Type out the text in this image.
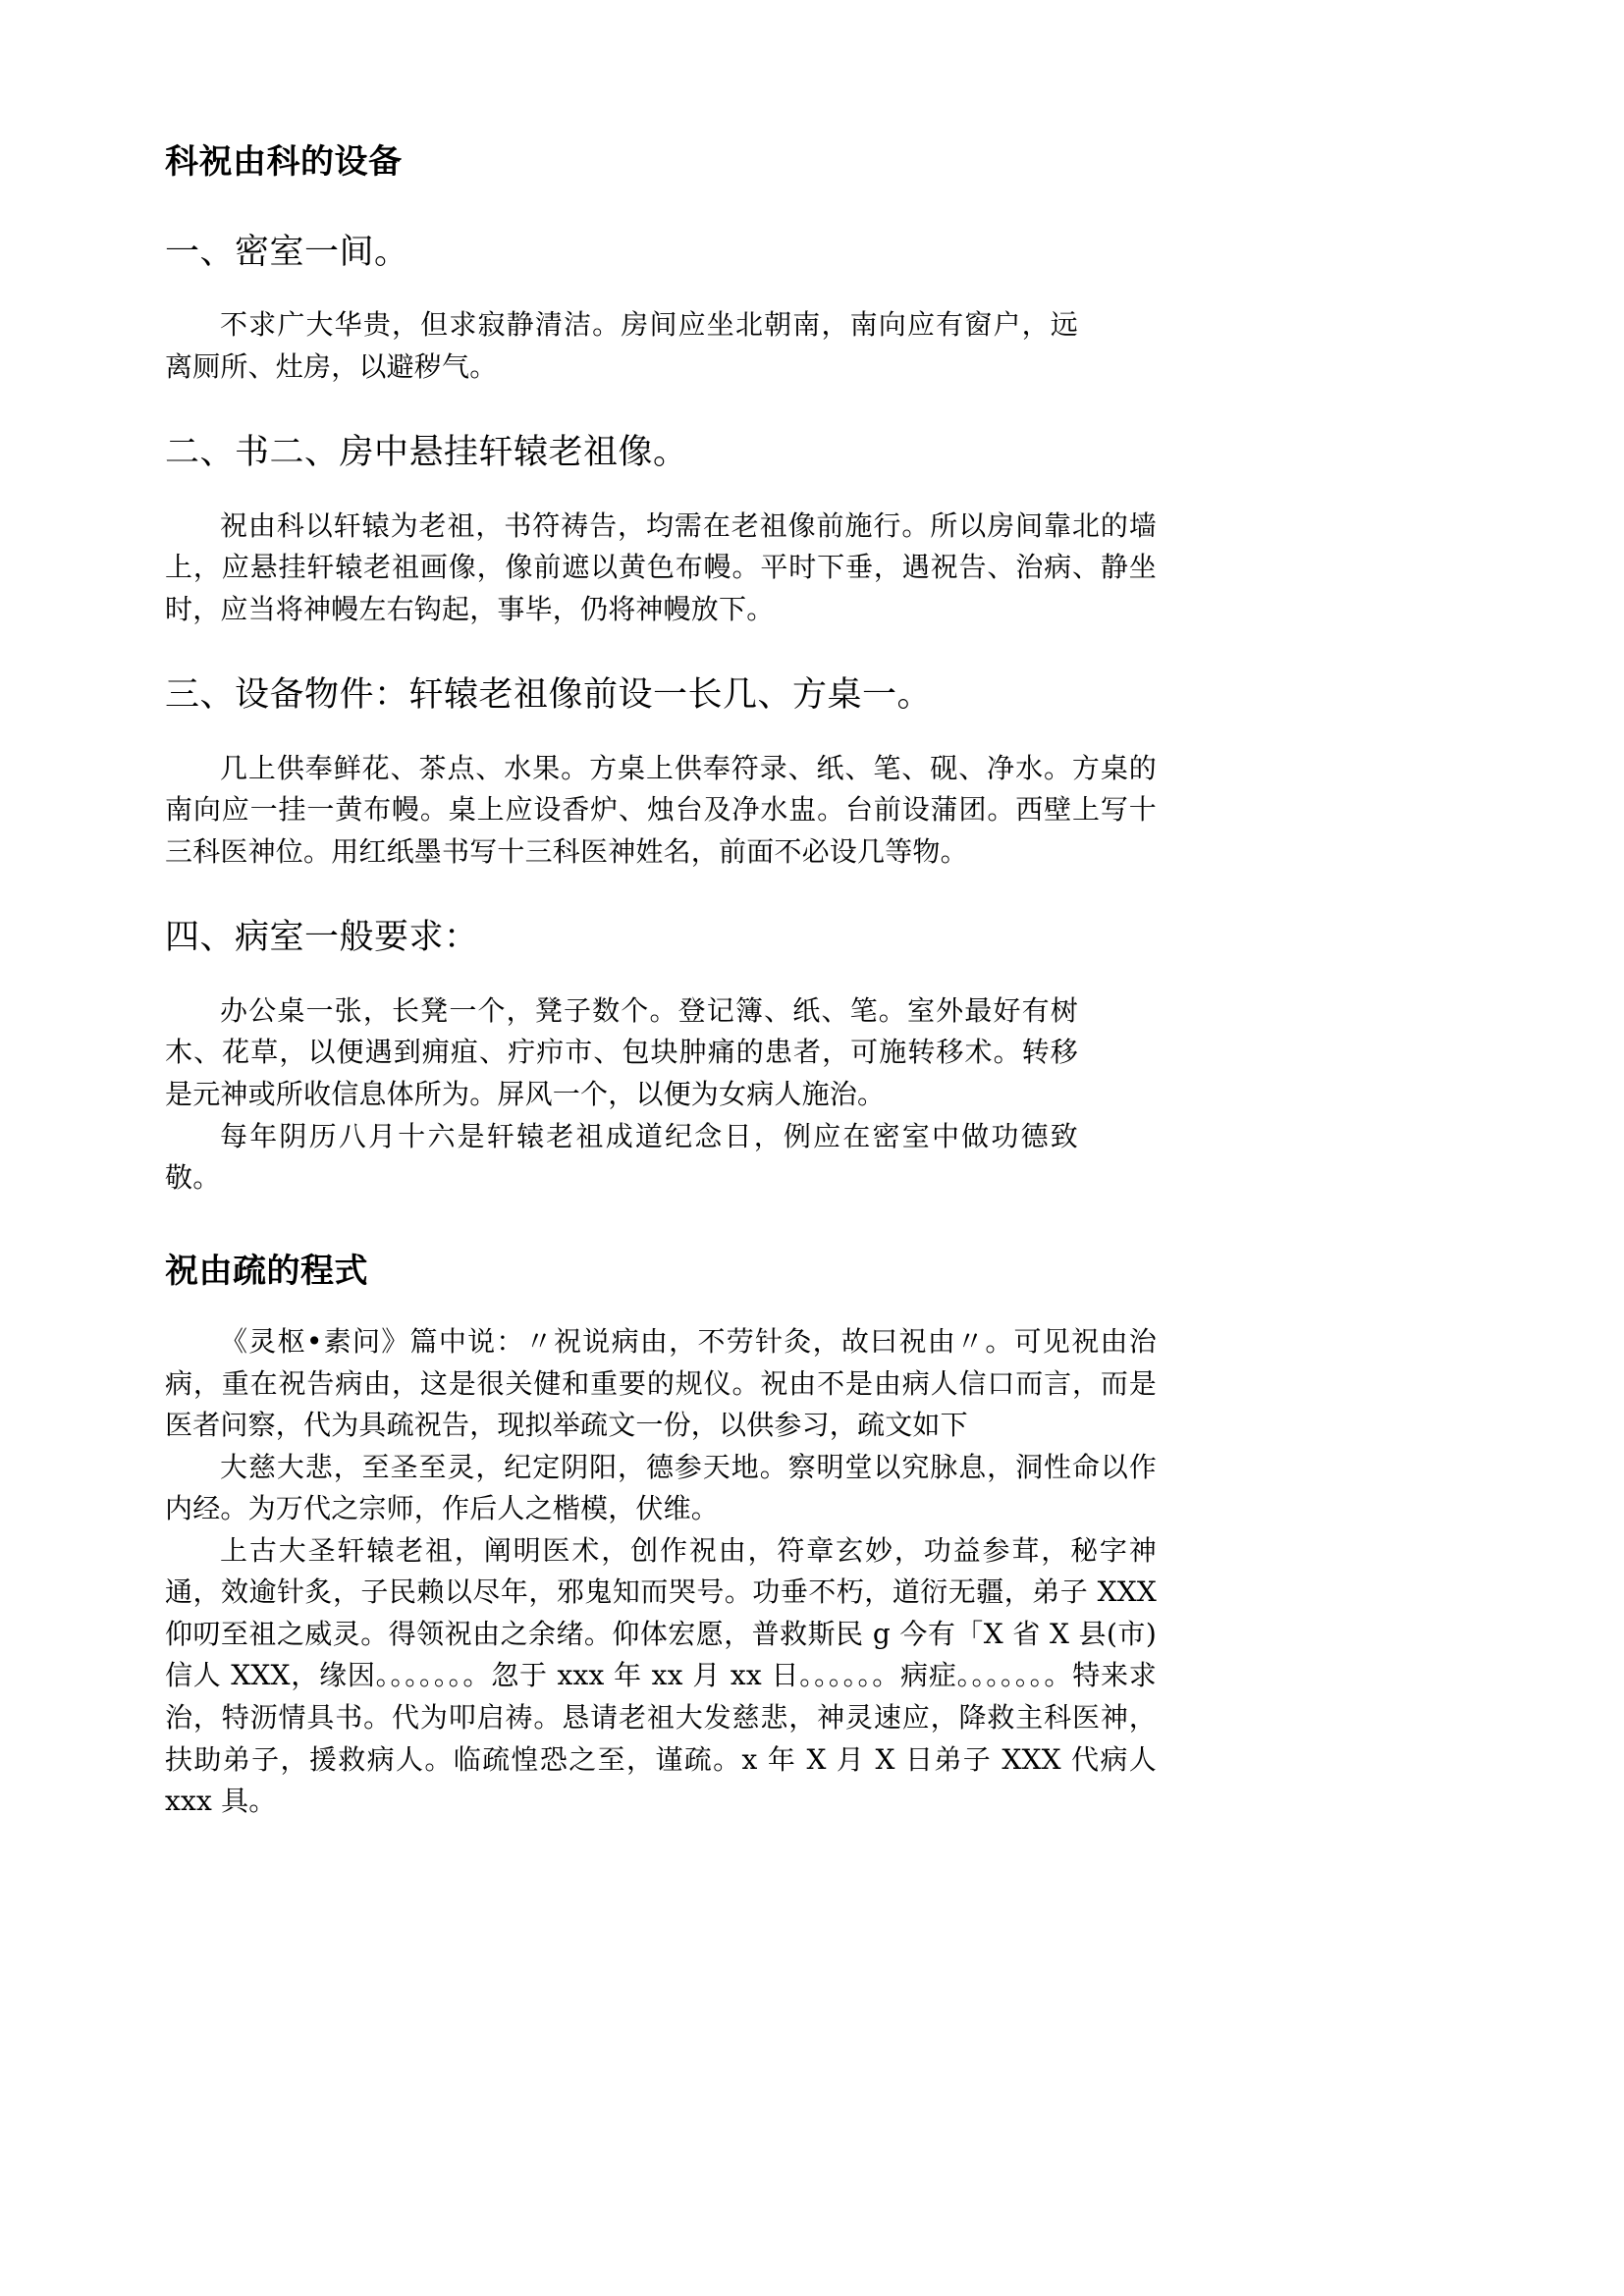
科祝由科的设备
一、密室一间。
不求广大华贵，但求寂静清洁。房间应坐北朝南，南向应有窗户，远离厕所、灶房，以避秽气。
二、书二、房中悬挂轩辕老祖像。
祝由科以轩辕为老祖，书符祷告，均需在老祖像前施行。所以房间靠北的墙上，应悬挂轩辕老祖画像，像前遮以黄色布幔。平时下垂，遇祝告、治病、静坐时，应当将神幔左右钩起，事毕，仍将神幔放下。
三、设备物件：轩辕老祖像前设一长几、方桌一。
几上供奉鲜花、茶点、水果。方桌上供奉符录、纸、笔、砚、净水。方桌的南向应一挂一黄布幔。桌上应设香炉、烛台及净水盅。台前设蒲团。西壁上写十三科医神位。用红纸墨书写十三科医神姓名，前面不必设几等物。
四、病室一般要求：
办公桌一张，长凳一个，凳子数个。登记簿、纸、笔。室外最好有树木、花草，以便遇到痈疽、疔疖市、包块肿痛的患者，可施转移术。转移是元神或所收信息体所为。屏风一个，以便为女病人施治。
每年阴历八月十六是轩辕老祖成道纪念日，例应在密室中做功德致敬。
祝由疏的程式
《灵枢•素问》篇中说：〃祝说病由，不劳针灸，故曰祝由〃。可见祝由治病，重在祝告病由，这是很关健和重要的规仪。祝由不是由病人信口而言，而是医者问察，代为具疏祝告，现拟举疏文一份，以供参习，疏文如下
大慈大悲，至圣至灵，纪定阴阳，德参天地。察明堂以究脉息，洞性命以作内经。为万代之宗师，作后人之楷模，伏维。
上古大圣轩辕老祖，阐明医术，创作祝由，符章玄妙，功益参茸，秘字神通，效逾针炙，子民赖以尽年，邪鬼知而哭号。功垂不朽，道衍无疆，弟子 XXX 仰叨至祖之威灵。得领祝由之余绪。仰体宏愿，普救斯民 g 今有「X 省 X 县(市)信人 XXX，缘因。。。。。。。忽于 xxx 年 xx 月 xx 日。。。。。。病症。。。。。。。特来求治，特沥情具书。代为叩启祷。恳请老祖大发慈悲，神灵速应，降救主科医神，扶助弟子，援救病人。临疏惶恐之至，谨疏。x 年 X 月 X 日弟子 XXX 代病人 xxx 具。
